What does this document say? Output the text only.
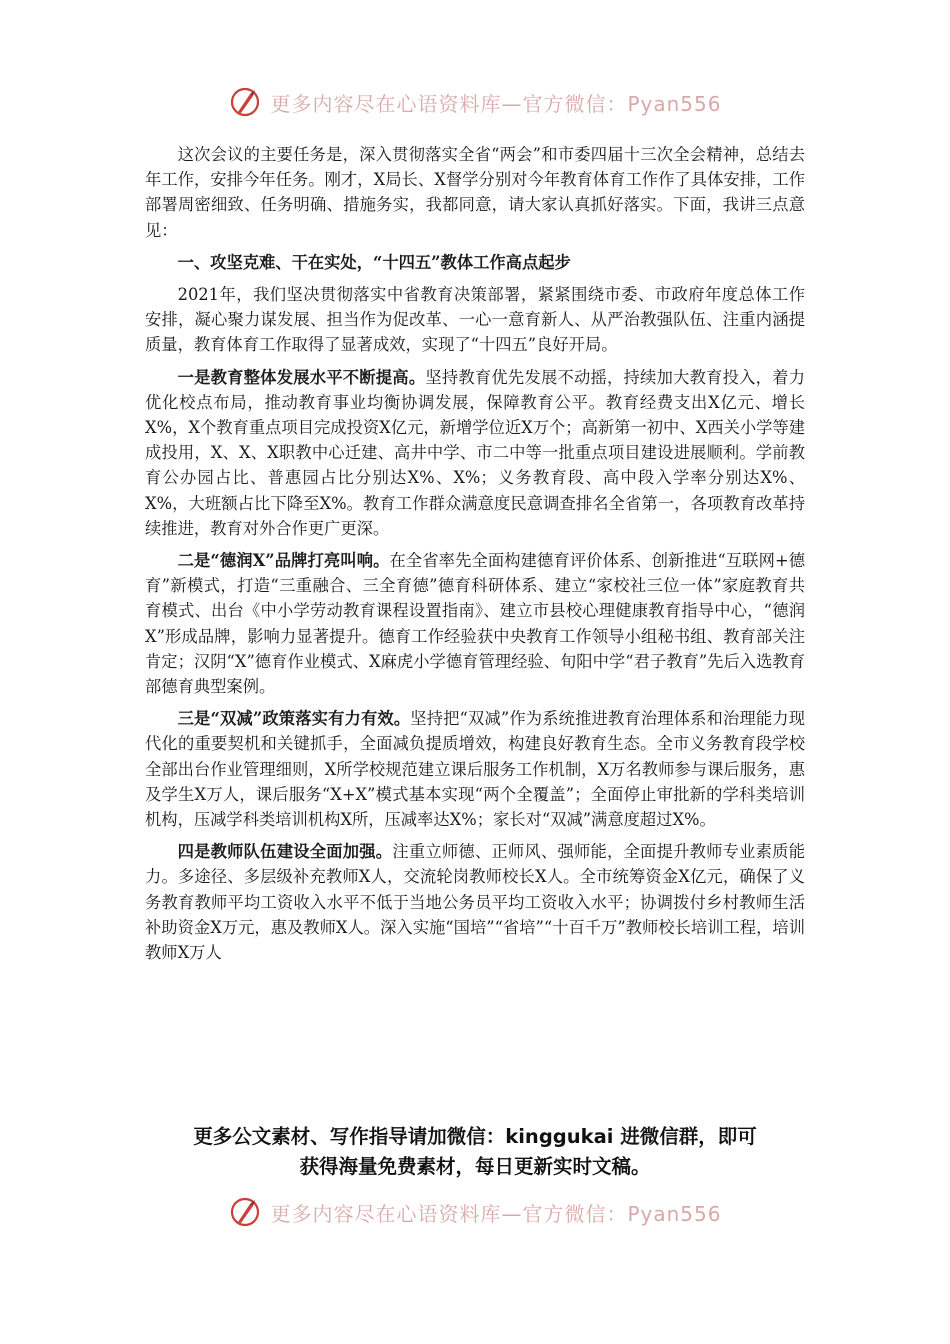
更多内容尽在心语资料库—官方微信：Pyan556

这次会议的主要任务是，深入贯彻落实全省“两会”和市委四届十三次全会精神，总结去年工作，安排今年任务。刚才，X局长、X督学分别对今年教育体育工作作了具体安排，工作部署周密细致、任务明确、措施务实，我都同意，请大家认真抓好落实。下面，我讲三点意见：

一、攻坚克难、干在实处，“十四五”教体工作高点起步

2021年，我们坚决贯彻落实中省教育决策部署，紧紧围绕市委、市政府年度总体工作安排，凝心聚力谋发展、担当作为促改革、一心一意育新人、从严治教强队伍、注重内涵提质量，教育体育工作取得了显著成效，实现了“十四五”良好开局。

一是教育整体发展水平不断提高。坚持教育优先发展不动摇，持续加大教育投入，着力优化校点布局，推动教育事业均衡协调发展，保障教育公平。教育经费支出X亿元、增长X%，X个教育重点项目完成投资X亿元，新增学位近X万个；高新第一初中、X西关小学等建成投用，X、X、X职教中心迁建、高井中学、市二中等一批重点项目建设进展顺利。学前教育公办园占比、普惠园占比分别达X%、X%；义务教育段、高中段入学率分别达X%、X%，大班额占比下降至X%。教育工作群众满意度民意调查排名全省第一，各项教育改革持续推进，教育对外合作更广更深。

二是“德润X”品牌打亮叫响。在全省率先全面构建德育评价体系、创新推进“互联网+德育”新模式，打造“三重融合、三全育德”德育科研体系、建立“家校社三位一体”家庭教育共育模式、出台《中小学劳动教育课程设置指南》、建立市县校心理健康教育指导中心，“德润X”形成品牌，影响力显著提升。德育工作经验获中央教育工作领导小组秘书组、教育部关注肯定；汉阴“X”德育作业模式、X麻虎小学德育管理经验、旬阳中学“君子教育”先后入选教育部德育典型案例。

三是“双减”政策落实有力有效。坚持把“双减”作为系统推进教育治理体系和治理能力现代化的重要契机和关键抓手，全面减负提质增效，构建良好教育生态。全市义务教育段学校全部出台作业管理细则，X所学校规范建立课后服务工作机制，X万名教师参与课后服务，惠及学生X万人，课后服务“X+X”模式基本实现“两个全覆盖”；全面停止审批新的学科类培训机构，压减学科类培训机构X所，压减率达X%；家长对“双减”满意度超过X%。

四是教师队伍建设全面加强。注重立师德、正师风、强师能，全面提升教师专业素质能力。多途径、多层级补充教师X人，交流轮岗教师校长X人。全市统筹资金X亿元，确保了义务教育教师平均工资收入水平不低于当地公务员平均工资收入水平；协调拨付乡村教师生活补助资金X万元，惠及教师X人。深入实施“国培”“省培”“十百千万”教师校长培训工程，培训教师X万人

更多公文素材、写作指导请加微信：kinggukai 进微信群，即可
获得海量免费素材，每日更新实时文稿。
更多内容尽在心语资料库—官方微信：Pyan556
